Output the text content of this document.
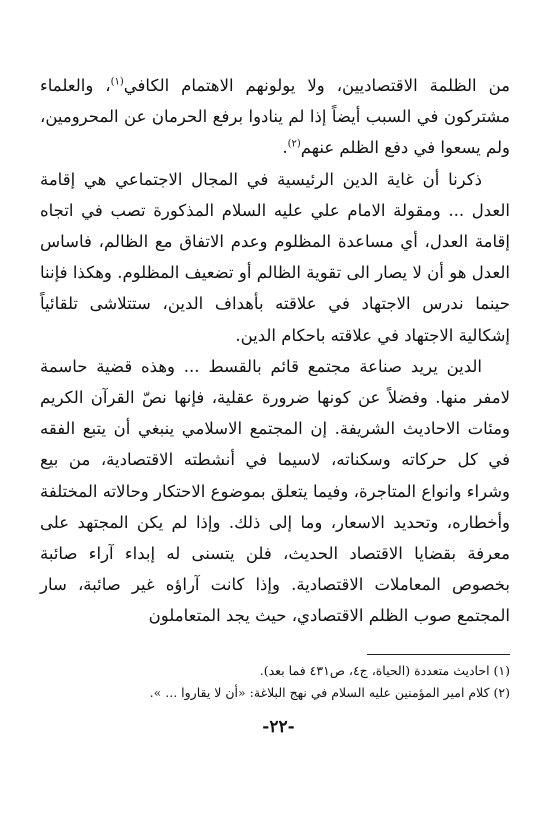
من الظلمة الاقتصاديين، ولا يولونهم الاهتمام الكافي$^{(١)}$، والعلماء مشتركون في السبب أيضاً إذا لم ينادوا برفع الحرمان عن المحرومين، ولم يسعوا في دفع الظلم عنهم$^{(٢)}$.

ذكرنا أن غاية الدين الرئيسية في المجال الاجتماعي هي إقامة العدل ... ومقولة الامام علي عليه السلام المذكورة تصب في اتجاه إقامة العدل، أي مساعدة المظلوم وعدم الاتفاق مع الظالم، فاساس العدل هو أن لا يصار الى تقوية الظالم أو تضعيف المظلوم. وهكذا فإننا حينما ندرس الاجتهاد في علاقته بأهداف الدين، ستتلاشى تلقائياً إشكالية الاجتهاد في علاقته باحكام الدين.

الدين يريد صناعة مجتمع قائم بالقسط ... وهذه قضية حاسمة لامفر منها. وفضلاً عن كونها ضرورة عقلية، فإنها نصّ القرآن الكريم ومئات الاحاديث الشريفة. إن المجتمع الاسلامي ينبغي أن يتبع الفقه في كل حركاته وسكناته، لاسيما في أنشطته الاقتصادية، من بيع وشراء وانواع المتاجرة، وفيما يتعلق بموضوع الاحتكار وحالاته المختلفة وأخطاره، وتحديد الاسعار، وما إلى ذلك. وإذا لم يكن المجتهد على معرفة بقضايا الاقتصاد الحديث، فلن يتسنى له إبداء آراء صائبة بخصوص المعاملات الاقتصادية. وإذا كانت آراؤه غير صائبة، سار المجتمع صوب الظلم الاقتصادي، حيث يجد المتعاملون

(١) احاديث متعددة (الحياة، ج٤، ص٤٣١ فما بعد).

(٢) كلام امير المؤمنين عليه السلام في نهج البلاغة: «أن لا يقاروا ... ».

-٢٢-
